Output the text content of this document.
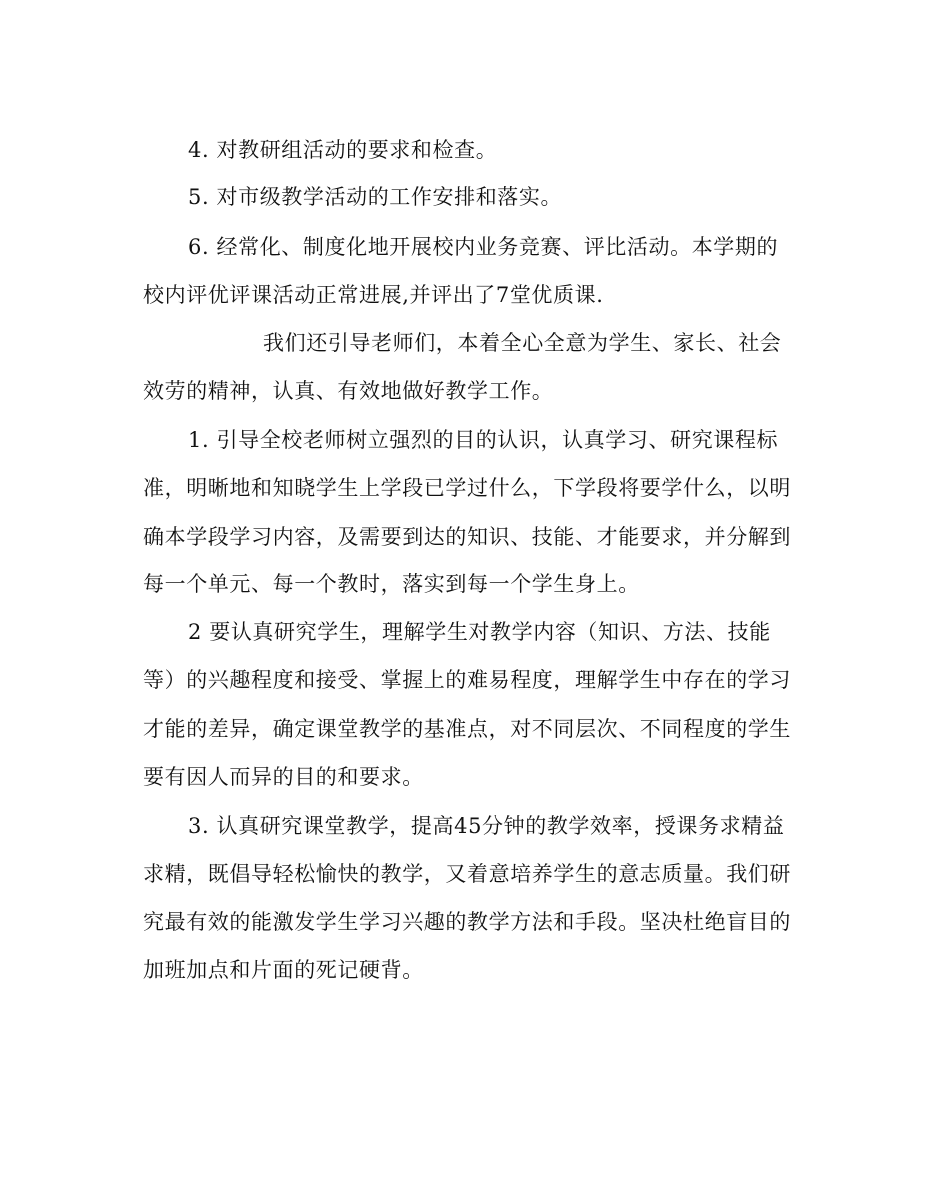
4. 对教研组活动的要求和检查。
5. 对市级教学活动的工作安排和落实。
6. 经常化、制度化地开展校内业务竞赛、评比活动。本学期的
校内评优评课活动正常进展,并评出了7堂优质课.
我们还引导老师们，本着全心全意为学生、家长、社会
效劳的精神，认真、有效地做好教学工作。
1. 引导全校老师树立强烈的目的认识，认真学习、研究课程标
准，明晰地和知晓学生上学段已学过什么，下学段将要学什么，以明
确本学段学习内容，及需要到达的知识、技能、才能要求，并分解到
每一个单元、每一个教时，落实到每一个学生身上。
2 要认真研究学生，理解学生对教学内容（知识、方法、技能
等）的兴趣程度和接受、掌握上的难易程度，理解学生中存在的学习
才能的差异，确定课堂教学的基准点，对不同层次、不同程度的学生
要有因人而异的目的和要求。
3. 认真研究课堂教学，提高45分钟的教学效率，授课务求精益
求精，既倡导轻松愉快的教学，又着意培养学生的意志质量。我们研
究最有效的能激发学生学习兴趣的教学方法和手段。坚决杜绝盲目的
加班加点和片面的死记硬背。
